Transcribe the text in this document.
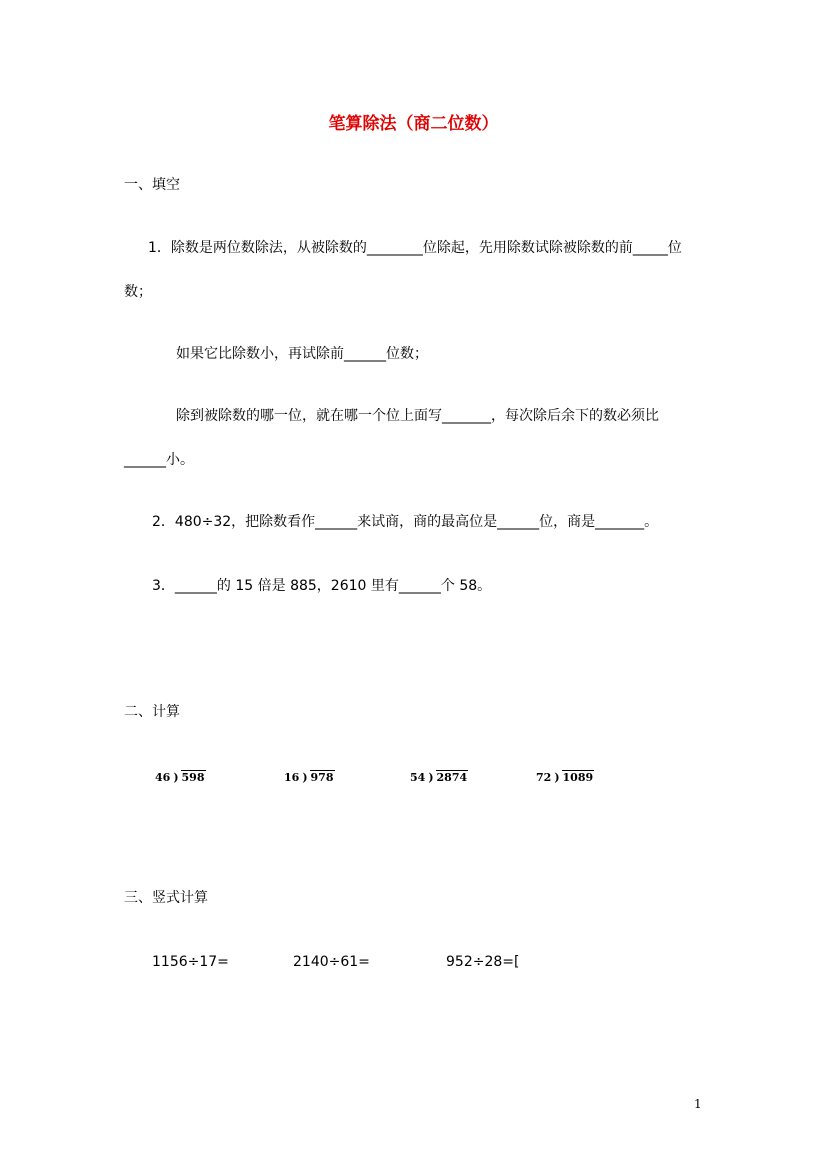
笔算除法（商二位数）
一、填空
1．除数是两位数除法，从被除数的________位除起，先用除数试除被除数的前_____位
数；
如果它比除数小，再试除前______位数；
除到被除数的哪一位，就在哪一个位上面写_______，每次除后余下的数必须比
______小。
2．480÷32，把除数看作______来试商，商的最高位是______位，商是_______。
3．______的 15 倍是 885，2610 里有______个 58。
二、计算
46 ) 598	16 ) 978	54 ) 2874	72 ) 1089
三、竖式计算
1156÷17=	2140÷61=	952÷28=[
1
